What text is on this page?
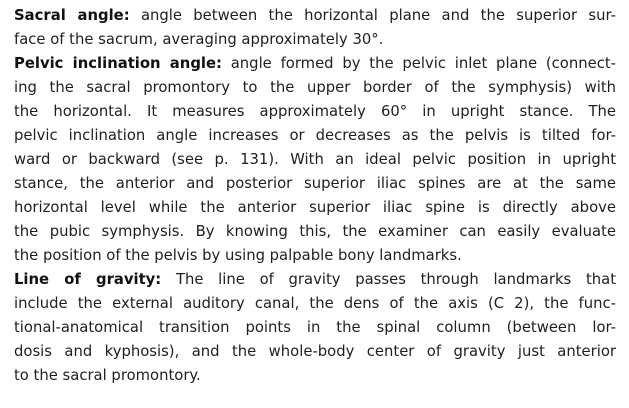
Sacral angle: angle between the horizontal plane and the superior sur-
face of the sacrum, averaging approximately 30°.
Pelvic inclination angle: angle formed by the pelvic inlet plane (connect-
ing the sacral promontory to the upper border of the symphysis) with
the horizontal. It measures approximately 60° in upright stance. The
pelvic inclination angle increases or decreases as the pelvis is tilted for-
ward or backward (see p. 131). With an ideal pelvic position in upright
stance, the anterior and posterior superior iliac spines are at the same
horizontal level while the anterior superior iliac spine is directly above
the pubic symphysis. By knowing this, the examiner can easily evaluate
the position of the pelvis by using palpable bony landmarks.
Line of gravity: The line of gravity passes through landmarks that
include the external auditory canal, the dens of the axis (C 2), the func-
tional-anatomical transition points in the spinal column (between lor-
dosis and kyphosis), and the whole-body center of gravity just anterior
to the sacral promontory.
